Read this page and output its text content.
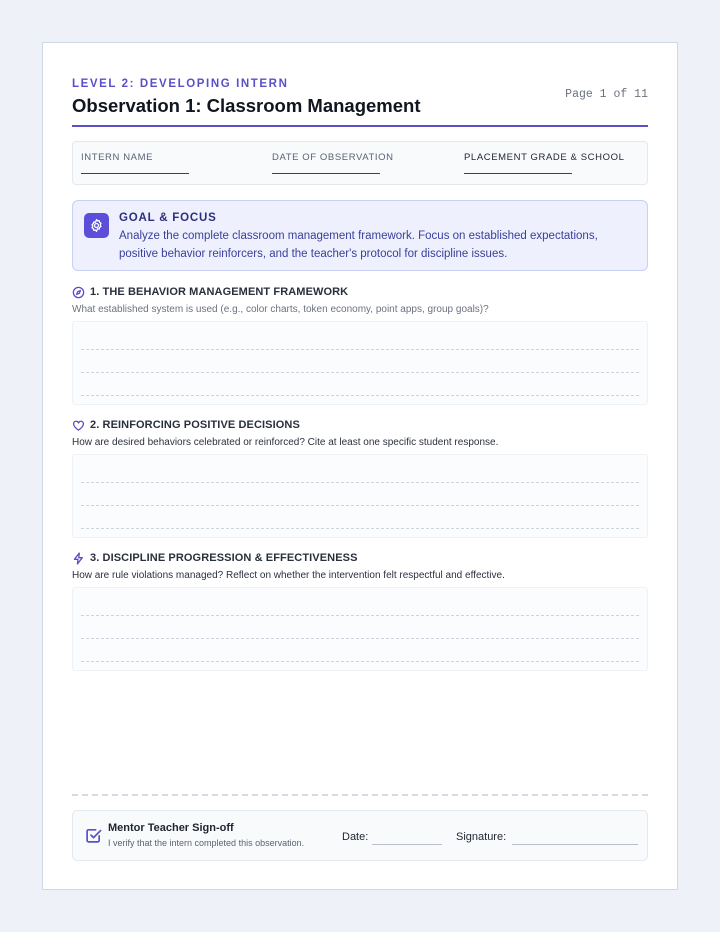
LEVEL 2: DEVELOPING INTERN
Observation 1: Classroom Management
Page 1 of 11
INTERN NAME	DATE OF OBSERVATION	PLACEMENT GRADE & SCHOOL
GOAL & FOCUS
Analyze the complete classroom management framework. Focus on established expectations, positive behavior reinforcers, and the teacher's protocol for discipline issues.
1. THE BEHAVIOR MANAGEMENT FRAMEWORK
What established system is used (e.g., color charts, token economy, point apps, group goals)?
2. REINFORCING POSITIVE DECISIONS
How are desired behaviors celebrated or reinforced? Cite at least one specific student response.
3. DISCIPLINE PROGRESSION & EFFECTIVENESS
How are rule violations managed? Reflect on whether the intervention felt respectful and effective.
Mentor Teacher Sign-off
I verify that the intern completed this observation.	Date:	Signature:
